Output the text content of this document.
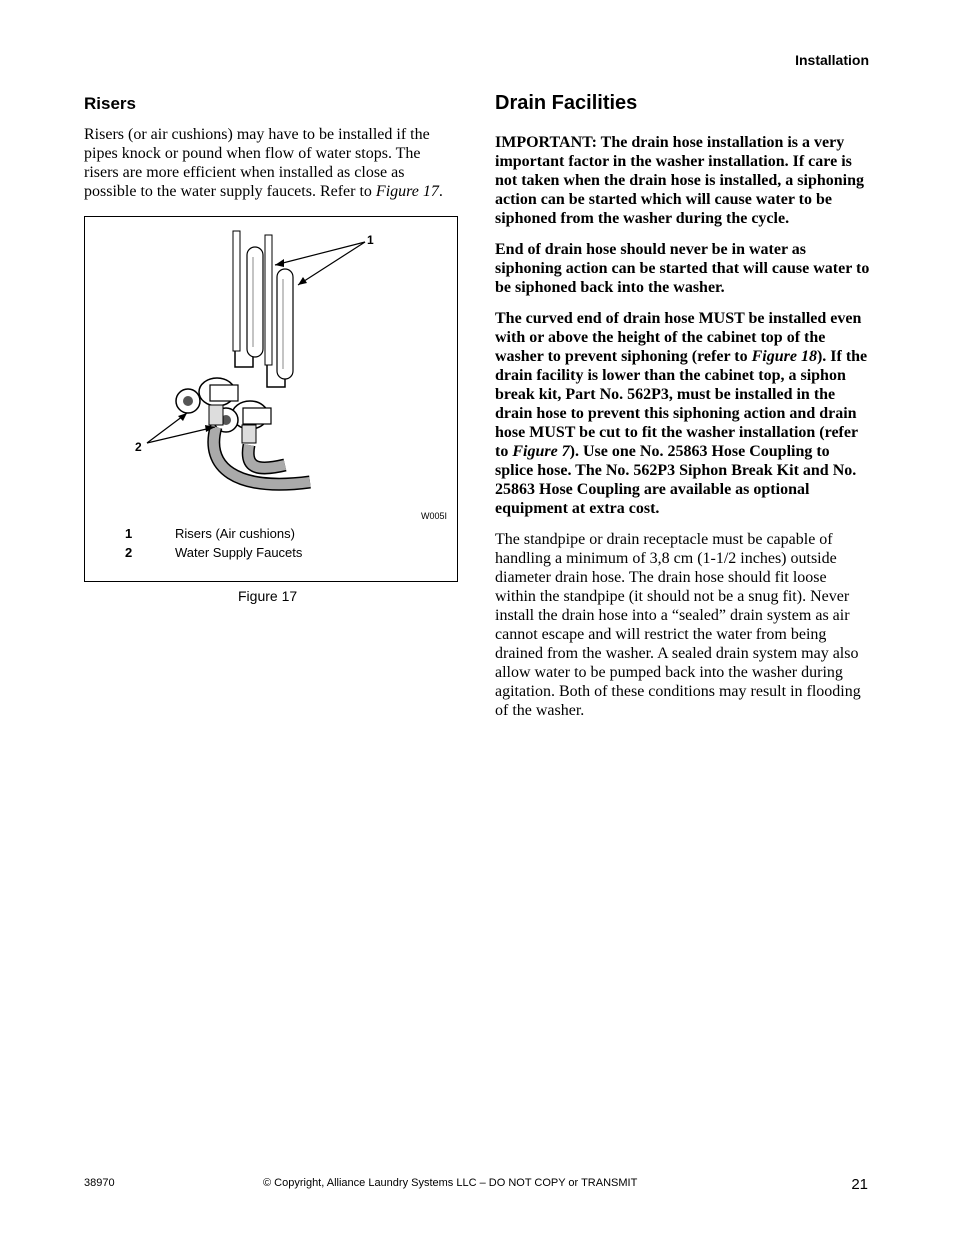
Installation
Risers
Risers (or air cushions) may have to be installed if the pipes knock or pound when flow of water stops. The risers are more efficient when installed as close as possible to the water supply faucets. Refer to Figure 17.
1
2
W005I
1	Risers (Air cushions)
2	Water Supply Faucets
Figure 17
Drain Facilities

IMPORTANT: The drain hose installation is a very important factor in the washer installation. If care is not taken when the drain hose is installed, a siphoning action can be started which will cause water to be siphoned from the washer during the cycle.

End of drain hose should never be in water as siphoning action can be started that will cause water to be siphoned back into the washer.

The curved end of drain hose MUST be installed even with or above the height of the cabinet top of the washer to prevent siphoning (refer to Figure 18). If the drain facility is lower than the cabinet top, a siphon break kit, Part No. 562P3, must be installed in the drain hose to prevent this siphoning action and drain hose MUST be cut to fit the washer installation (refer to Figure 7). Use one No. 25863 Hose Coupling to splice hose. The No. 562P3 Siphon Break Kit and No. 25863 Hose Coupling are available as optional equipment at extra cost.

The standpipe or drain receptacle must be capable of handling a minimum of 3,8 cm (1-1/2 inches) outside diameter drain hose. The drain hose should fit loose within the standpipe (it should not be a snug fit). Never install the drain hose into a “sealed” drain system as air cannot escape and will restrict the water from being drained from the washer. A sealed drain system may also allow water to be pumped back into the washer during agitation. Both of these conditions may result in flooding of the washer.

38970	© Copyright, Alliance Laundry Systems LLC – DO NOT COPY or TRANSMIT	21
